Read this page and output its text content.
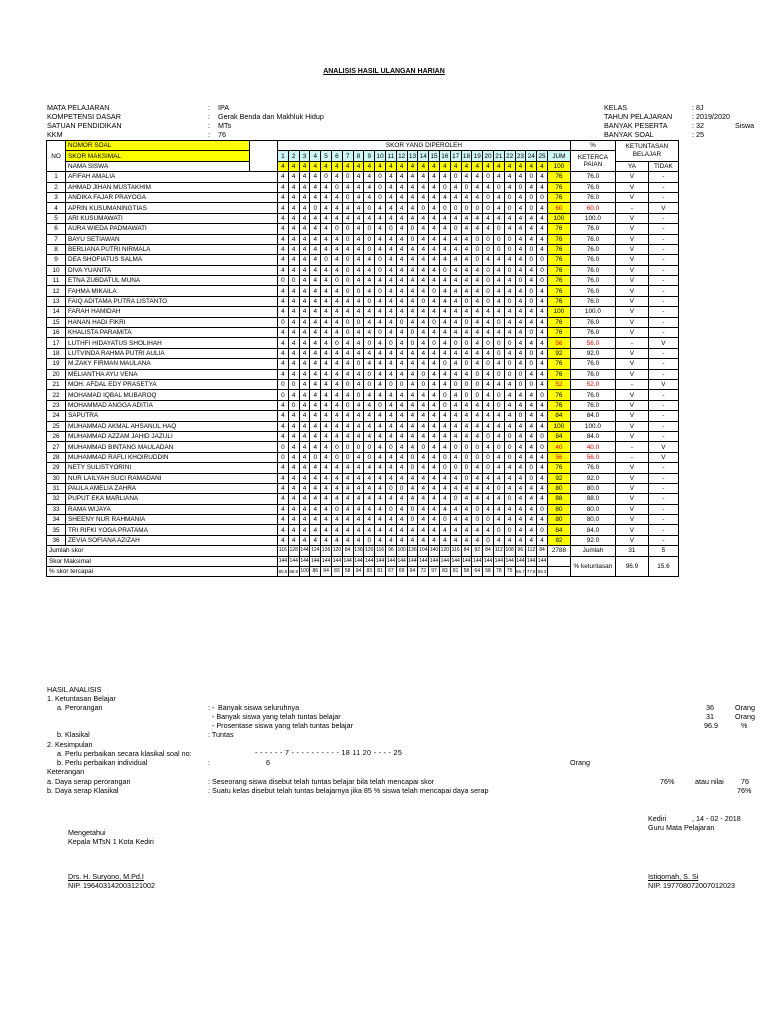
ANALISIS HASIL ULANGAN HARIAN
MATA PELAJARAN	: IPA
KOMPETENSI DASAR	: Gerak Benda dan Makhluk Hidup
SATUAN PENDIDIKAN	: MTs
KKM	: 76
KELAS	: 8J
TAHUN PELAJARAN	: 2019/2020
BANYAK PESERTA	: 32	Siswa
BANYAK SOAL	: 25
NO	NOMOR SOAL		SKOR YANG DIPEROLEH																										%	KETUNTASAN BELAJAR	
	SKOR MAKSIMAL		1	2	3	4	5	6	7	8	9	10	11	12	13	14	15	16	17	18	19	20	21	22	23	24	25	JUM	KETERCA PAIAN		
	NAMA SISWA		4	4	4	4	4	4	4	4	4	4	4	4	4	4	4	4	4	4	4	4	4	4	4	4	4	100		YA	TIDAK
1	AFIFAH AMALIA		4	4	4	4	0	4	0	4	4	0	4	4	4	4	4	4	0	4	4	0	4	4	4	0	4	76	76.0	V	-
2	AHMAD JIHAN MUSTAKHIM		4	4	4	4	4	0	4	4	4	0	4	4	4	4	4	0	4	0	4	4	0	4	0	4	4	76	76.0	V	-
3	ANDIKA FAJAR PRAYOGA		4	4	4	4	4	4	0	4	4	0	4	4	4	4	4	4	4	4	4	0	4	0	4	0	0	76	76.0	V	-
4	APRIN KUSUMANINGTIAS		4	4	4	0	4	4	4	4	0	4	4	4	4	0	4	0	0	0	0	0	4	0	4	0	4	60	60.0	-	V
5	ARI KUSUMAWATI		4	4	4	4	4	4	4	4	4	4	4	4	4	4	4	4	4	4	4	4	4	4	4	4	4	100	100.0	V	-
6	AURA WIEDA PADMAWATI		4	4	4	4	4	0	0	4	0	4	0	4	0	4	4	4	0	4	4	4	0	4	4	4	4	76	76.0	V	-
7	BAYU SETIAWAN		4	4	4	4	4	4	0	4	0	4	4	4	0	4	4	4	4	4	0	0	0	0	4	4	4	76	76.0	V	-
8	BERLIANA PUTRI NIRMALA		4	4	4	4	4	4	4	4	0	4	4	4	4	4	4	4	4	4	0	0	0	0	4	0	4	76	76.0	V	-
9	DEA SHOFIATUS SALMA		4	4	4	4	0	4	0	4	4	0	4	4	4	4	4	4	4	4	0	4	4	4	4	0	0	76	76.0	V	-
10	DIVA YUANITA		4	4	4	4	4	4	0	4	4	0	4	4	4	4	4	0	4	4	4	0	4	0	4	4	0	76	76.0	V	-
11	ETNA ZUBDATUL MUNA		0	0	4	4	4	0	0	4	4	4	4	4	4	4	4	4	4	4	4	0	4	4	0	4	0	76	76.0	V	-
12	FAHMA MIKAILA		4	4	4	4	4	4	0	0	4	0	4	4	4	4	0	4	4	4	4	0	4	4	4	0	4	76	76.0	V	-
13	FAIQ ADITAMA PUTRA LISTANTO		4	4	4	4	4	4	4	4	0	4	4	4	4	0	4	4	4	0	4	0	4	0	4	0	4	76	76.0	V	-
14	FARAH HAMIDAH		4	4	4	4	4	4	4	4	4	4	4	4	4	4	4	4	4	4	4	4	4	4	4	4	4	100	100.0	V	-
15	HANAN HADI FIKRI		0	4	4	4	4	4	0	0	4	4	4	0	4	4	0	4	4	0	4	4	0	4	4	4	4	76	76.0	V	-
16	KHALISTA PARAMITA		4	4	4	4	4	4	0	4	4	0	4	4	0	4	4	4	4	4	4	4	4	4	4	0	4	76	76.0	V	-
17	LUTHFI HIDAYATUS SHOLIHAH		4	4	4	4	4	0	4	4	0	4	0	4	0	4	0	4	0	0	4	0	0	0	4	4	4	56	56.0	-	V
18	LUTVINDA RAHMA PUTRI AULIA		4	4	4	4	4	4	4	4	4	4	4	4	4	4	4	4	4	4	4	4	0	4	4	0	4	92	92.0	V	-
19	M.ZAKY FIRMAN MAULANA		4	4	4	4	4	4	4	0	4	4	4	4	4	4	4	0	4	0	4	0	4	0	4	0	4	76	76.0	V	-
20	MELIANTHA AYU VENA		4	4	4	4	4	4	4	4	0	4	4	4	4	0	4	4	4	4	0	4	0	0	0	4	4	76	76.0	V	-
21	MOH. AFDAL EDY PRASETYA		0	0	4	4	4	4	0	4	0	4	0	0	4	0	4	4	0	0	0	4	4	4	0	0	4	52	52.0	-	V
22	MOHAMAD IQBAL MUBAROQ		0	4	4	4	4	4	4	0	4	4	4	4	4	4	4	0	4	0	0	4	0	4	4	4	0	76	76.0	V	-
23	MOHAMMAD ANGGA ADITIA		4	0	4	4	4	4	0	4	4	0	4	4	4	4	4	0	4	4	4	4	0	4	4	4	4	76	76.0	V	-
24	SAPUTRA		4	4	4	4	4	4	4	4	4	4	4	4	4	4	4	4	4	4	4	4	4	4	0	4	4	84	84.0	V	-
25	MUHAMMAD AKMAL AHSANUL HAQ		4	4	4	4	4	4	4	4	4	4	4	4	4	4	4	4	4	4	4	4	4	4	4	4	4	100	100.0	V	-
26	MUHAMMAD AZZAM JAHID JAZULI		4	4	4	4	4	4	4	4	4	4	4	4	4	4	4	4	4	4	4	0	4	0	4	4	0	84	84.0	V	-
27	MUHAMMAD BINTANG MAULADAN		0	4	4	4	4	0	0	0	0	4	0	4	4	0	4	4	0	0	0	4	0	0	4	4	0	40	40.0	-	V
28	MUHAMMAD RAFLI KHOIRUDDIN		0	4	4	0	4	0	0	4	0	4	4	4	0	4	4	0	4	0	0	0	4	0	4	4	4	56	56.0	-	V
29	NETY SULISTYORINI		4	4	4	4	4	4	4	4	4	4	4	4	0	4	4	0	0	0	4	0	4	4	4	0	4	76	76.0	V	-
30	NUR LAILYAH SUCI RAMADANI		4	4	4	4	4	4	4	4	4	4	4	4	4	4	4	4	4	0	4	4	4	4	4	0	4	92	92.0	V	-
31	PAULA AMELIA ZAHRA		4	4	4	4	4	4	4	4	4	4	0	0	4	4	4	4	4	4	4	4	0	4	4	4	4	80	80.0	V	-
32	PUPUT EKA MARLIANA		4	4	4	4	4	4	4	4	4	4	4	4	4	4	4	4	0	4	4	4	4	0	4	4	4	88	88.0	V	-
33	RAMA WIJAYA		4	4	4	4	4	0	4	4	4	4	0	4	0	4	4	4	4	4	0	4	4	4	4	4	0	80	80.0	V	-
34	SHEENY NUR RAHMANIA		4	4	4	4	4	4	4	4	4	4	4	4	0	4	4	0	4	4	0	0	4	4	4	4	4	80	80.0	V	-
35	TRI RIFKI YOGA PRATAMA		4	4	4	4	4	4	4	4	4	4	4	4	4	4	4	4	4	4	4	4	0	0	4	4	0	84	84.0	V	-
36	ZEVIA SOFIANA AZIZAH		4	4	4	4	4	4	4	4	0	4	4	4	4	4	4	4	4	4	4	0	4	4	4	4	4	92	92.0	V	-
Jumlah skor			116	128	144	124	136	120	84	136	120	116	96	100	136	104	140	120	116	84	92	84	112	108	96	112	84	2788	Jumlah	31	5
Skor Maksimal			144	144	144	144	144	144	144	144	144	144	144	144	144	144	144	144	144	144	144	144	144	144	144	144	144		% ketuntasan	96.9	15.6
% skor tercapai			80.6	88.9	100	86	94	83	58	94	83	81	67	69	94	72	97	83	81	58	64	58	78	75	66.7	77.8	58.3				
HASIL ANALISIS
1. Ketuntasan Belajar
a. Perorangan	: - Banyak siswa seluruhnya	36	Orang
- Banyak siswa yang telah tuntas belajar	31	Orang
- Prosentase siswa yang telah tuntas belajar	96.9	%
b. Klasikal	: Tuntas
2. Kesimpulan
a. Perlu perbaikan secara klasikal soal no:	- - - - - - 7 - - - - - - - - - - 18 11 20 - - - - 25
b. Perlu perbaikan individual	:	6	Orang
Keterangan
a. Daya serap perorangan	: Seseorang siswa disebut telah tuntas belajar bila telah mencapai skor	76%	atau nilai 76
b. Daya serap Klasikal	: Suatu kelas disebut telah tuntas belajarnya jika 85 % siswa telah mencapai daya serap	76%
Kediri	, 14 - 02 - 2018
Guru Mata Pelajaran
Mengetahui
Kepala MTsN 1 Kota Kediri
Drs. H. Suryono, M.Pd.I
NIP. 196403142003121002
Istiqomah, S. Si
NIP. 197708072007012023
